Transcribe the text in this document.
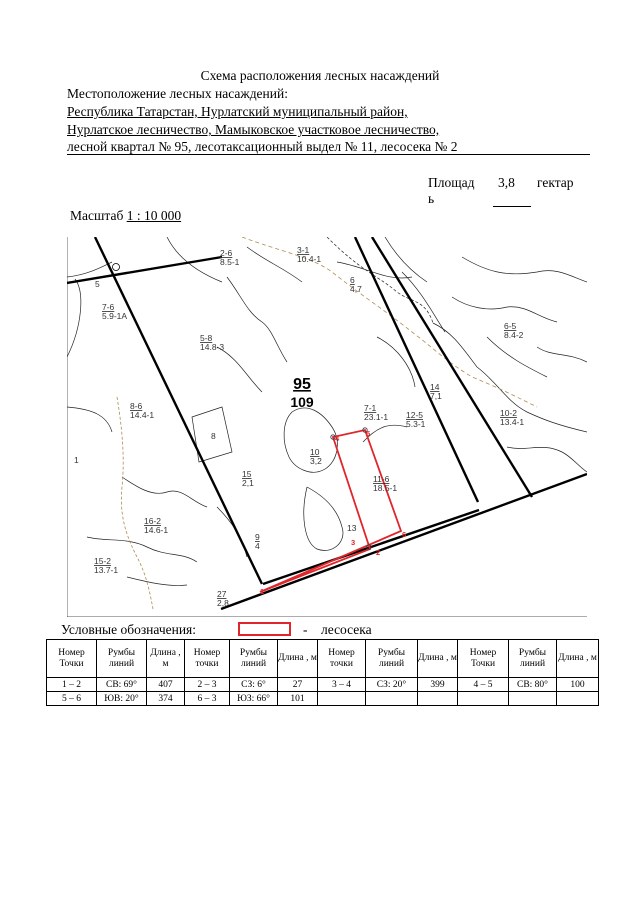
Схема расположения лесных насаждений
Местоположение лесных насаждений:
Республика Татарстан, Нурлатский муниципальный район,
Нурлатское лесничество, Мамыковское участковое лесничество,
лесной квартал № 95, лесотаксационный выдел № 11, лесосека № 2
Площад
ь
3,8 гектар
Масштаб 1 : 10 000
95
109
2-6
8.5-1
3-1
10.4-1
6
4,7
5
7-6
5.9-1А
5-8
14.8-3
6-5
8.4-2
8-6
14.4-1
14
7,1
7-1
23.1-1 12-5
5.3-1
10-2
13.4-1
8
10
3,2
11-6
18.5-1
1
15
2,1
13
16-2
14.6-1
9
4
15-2
13.7-1
27
2,8
1
2
3
4
5
6
Условные обозначения:	- лесосека
Номер Точки	Румбы линий	Длина , м	Номер точки	Румбы линий	Длина , м	Номер точки	Румбы линий	Длина , м	Номер Точки	Румбы линий	Длина , м
1 – 2	СВ: 69°	407	2 – 3	СЗ: 6°	27	3 – 4	СЗ: 20°	399	4 – 5	СВ: 80°	100
5 – 6	ЮВ: 20°	374	6 – 3	ЮЗ: 66°	101						
